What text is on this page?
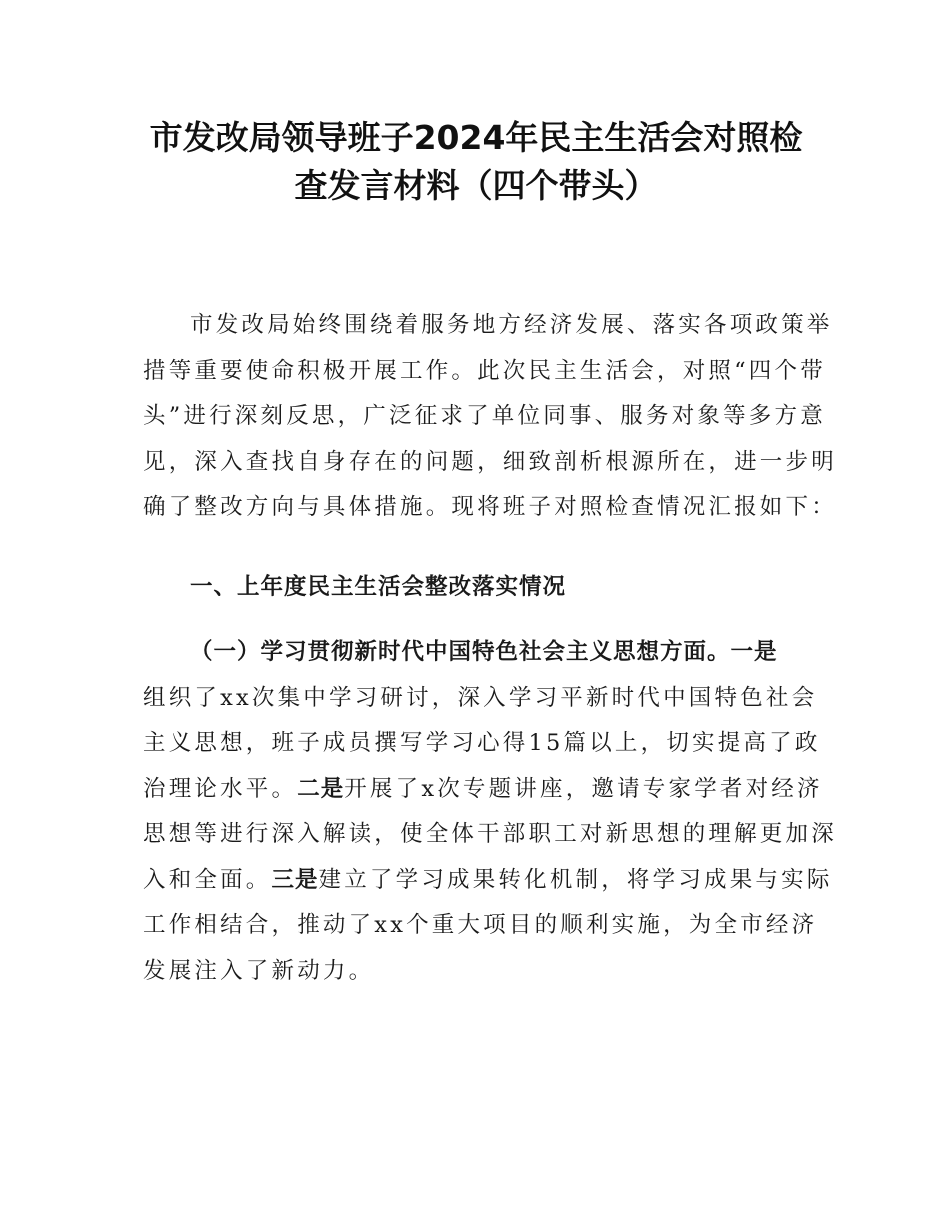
市发改局领导班子2024年民主生活会对照检
查发言材料（四个带头）
市发改局始终围绕着服务地方经济发展、落实各项政策举
措等重要使命积极开展工作。此次民主生活会，对照“四个带
头”进行深刻反思，广泛征求了单位同事、服务对象等多方意
见，深入查找自身存在的问题，细致剖析根源所在，进一步明
确了整改方向与具体措施。现将班子对照检查情况汇报如下：
一、上年度民主生活会整改落实情况
（一）学习贯彻新时代中国特色社会主义思想方面。一是
组织了xx次集中学习研讨，深入学习平新时代中国特色社会
主义思想，班子成员撰写学习心得15篇以上，切实提高了政
治理论水平。二是开展了x次专题讲座，邀请专家学者对经济
思想等进行深入解读，使全体干部职工对新思想的理解更加深
入和全面。三是建立了学习成果转化机制，将学习成果与实际
工作相结合，推动了xx个重大项目的顺利实施，为全市经济
发展注入了新动力。
